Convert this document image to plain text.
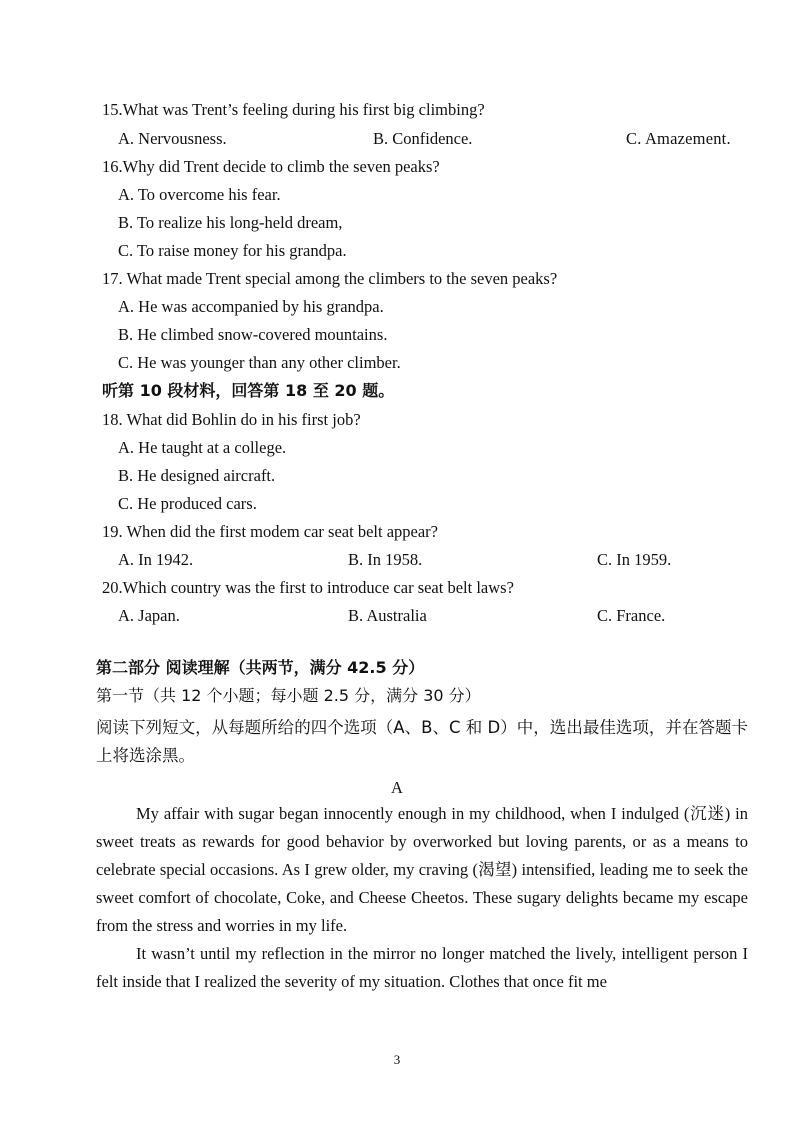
15.What was Trent’s feeling during his first big climbing?
A. Nervousness.	B. Confidence.	C. Amazement.
16.Why did Trent decide to climb the seven peaks?
A. To overcome his fear.
B. To realize his long-held dream,
C. To raise money for his grandpa.
17. What made Trent special among the climbers to the seven peaks?
A. He was accompanied by his grandpa.
B. He climbed snow-covered mountains.
C. He was younger than any other climber.
听第 10 段材料，回答第 18 至 20 题。
18. What did Bohlin do in his first job?
A. He taught at a college.
B. He designed aircraft.
C. He produced cars.
19. When did the first modem car seat belt appear?
A. In 1942.	B. In 1958.	C. In 1959.
20.Which country was the first to introduce car seat belt laws?
A. Japan.	B. Australia	C. France.
第二部分 阅读理解（共两节，满分 42.5 分）
第一节（共 12 个小题；每小题 2.5 分，满分 30 分）
阅读下列短文，从每题所给的四个选项（A、B、C 和 D）中，选出最佳选项，并在答题卡上将选涂黑。
A
My affair with sugar began innocently enough in my childhood, when I indulged (沉迷) in sweet treats as rewards for good behavior by overworked but loving parents, or as a means to celebrate special occasions. As I grew older, my craving (渴望) intensified, leading me to seek the sweet comfort of chocolate, Coke, and Cheese Cheetos. These sugary delights became my escape from the stress and worries in my life.
It wasn’t until my reflection in the mirror no longer matched the lively, intelligent person I felt inside that I realized the severity of my situation. Clothes that once fit me
3
